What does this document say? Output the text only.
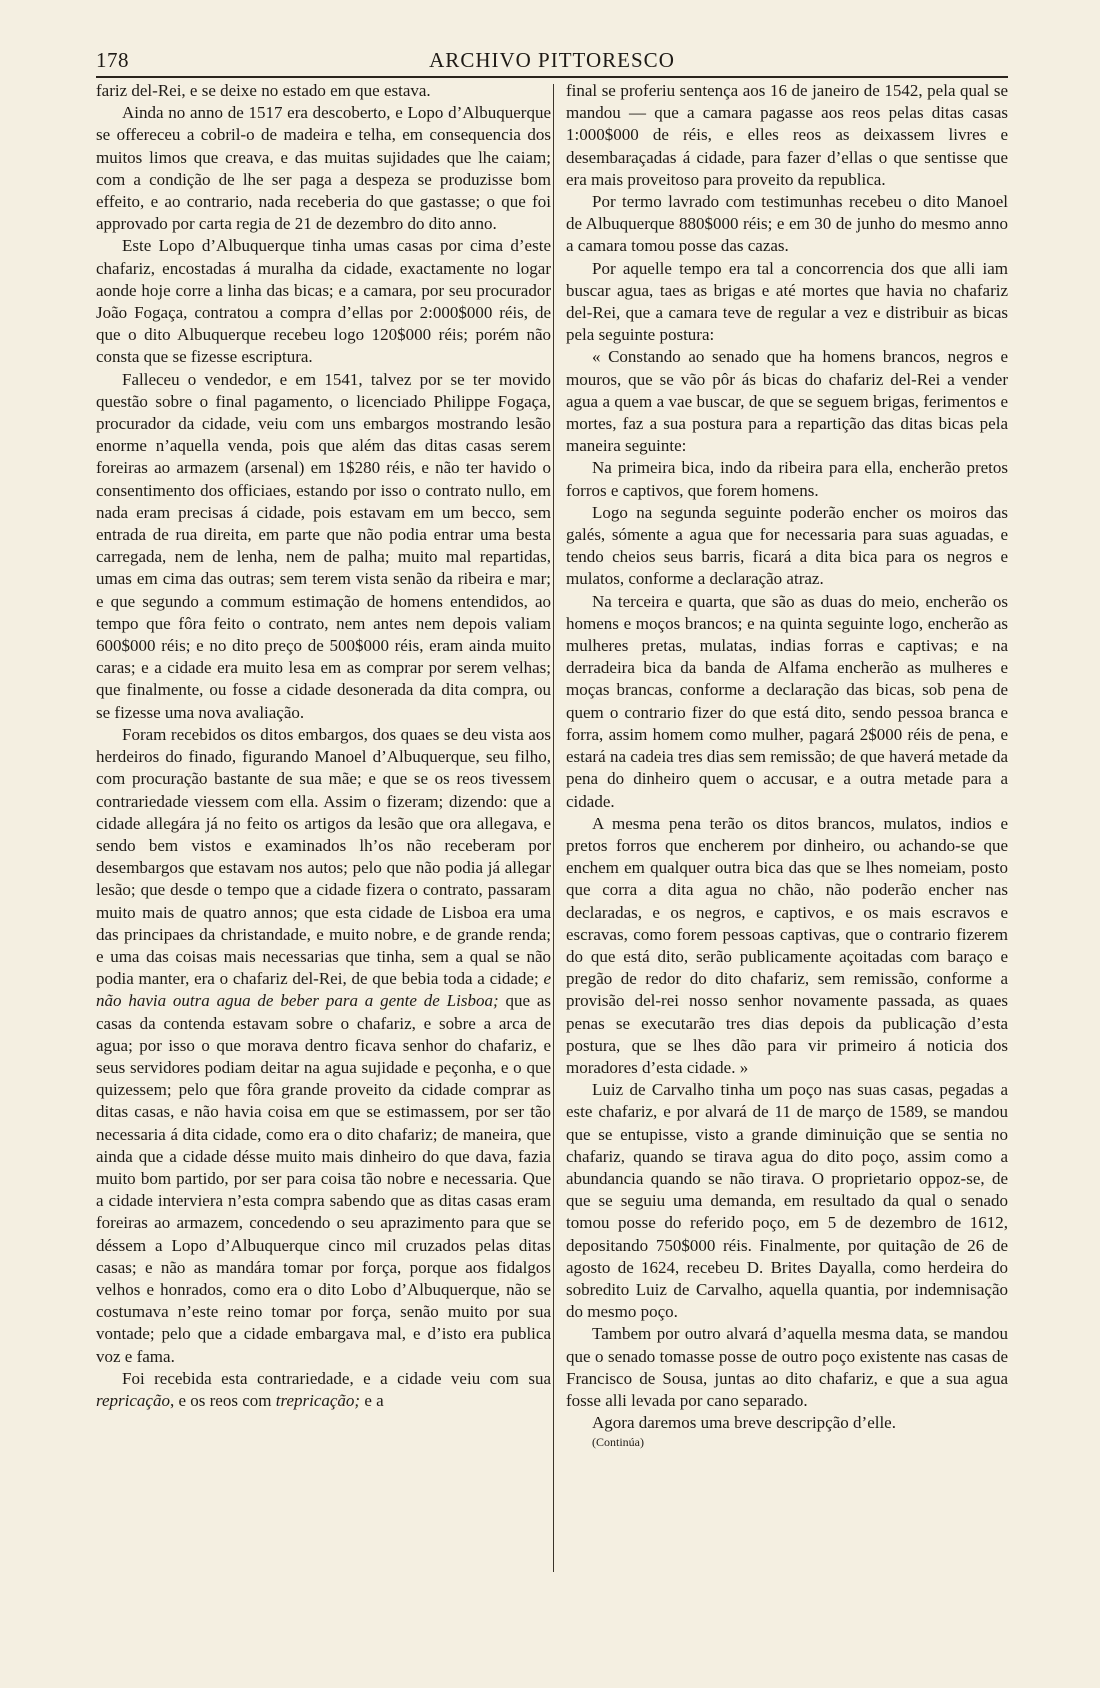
178	ARCHIVO PITTORESCO

fariz del-Rei, e se deixe no estado em que estava.

Ainda no anno de 1517 era descoberto, e Lopo d’Albuquerque se offereceu a cobril-o de madeira e telha, em consequencia dos muitos limos que creava, e das muitas sujidades que lhe caiam; com a condição de lhe ser paga a despeza se produzisse bom effeito, e ao contrario, nada receberia do que gastasse; o que foi approvado por carta regia de 21 de dezembro do dito anno.

Este Lopo d’Albuquerque tinha umas casas por cima d’este chafariz, encostadas á muralha da cidade, exactamente no logar aonde hoje corre a linha das bicas; e a camara, por seu procurador João Fogaça, contratou a compra d’ellas por 2:000$000 réis, de que o dito Albuquerque recebeu logo 120$000 réis; porém não consta que se fizesse escriptura.

Falleceu o vendedor, e em 1541, talvez por se ter movido questão sobre o final pagamento, o licenciado Philippe Fogaça, procurador da cidade, veiu com uns embargos mostrando lesão enorme n’aquella venda, pois que além das ditas casas serem foreiras ao armazem (arsenal) em 1$280 réis, e não ter havido o consentimento dos officiaes, estando por isso o contrato nullo, em nada eram precisas á cidade, pois estavam em um becco, sem entrada de rua direita, em parte que não podia entrar uma besta carregada, nem de lenha, nem de palha; muito mal repartidas, umas em cima das outras; sem terem vista senão da ribeira e mar; e que segundo a commum estimação de homens entendidos, ao tempo que fôra feito o contrato, nem antes nem depois valiam 600$000 réis; e no dito preço de 500$000 réis, eram ainda muito caras; e a cidade era muito lesa em as comprar por serem velhas; que finalmente, ou fosse a cidade desonerada da dita compra, ou se fizesse uma nova avaliação.

Foram recebidos os ditos embargos, dos quaes se deu vista aos herdeiros do finado, figurando Manoel d’Albuquerque, seu filho, com procuração bastante de sua mãe; e que se os reos tivessem contrariedade viessem com ella. Assim o fizeram; dizendo: que a cidade allegára já no feito os artigos da lesão que ora allegava, e sendo bem vistos e examinados lh’os não receberam por desembargos que estavam nos autos; pelo que não podia já allegar lesão; que desde o tempo que a cidade fizera o contrato, passaram muito mais de quatro annos; que esta cidade de Lisboa era uma das principaes da christandade, e muito nobre, e de grande renda; e uma das coisas mais necessarias que tinha, sem a qual se não podia manter, era o chafariz del-Rei, de que bebia toda a cidade; e não havia outra agua de beber para a gente de Lisboa; que as casas da contenda estavam sobre o chafariz, e sobre a arca de agua; por isso o que morava dentro ficava senhor do chafariz, e seus servidores podiam deitar na agua sujidade e peçonha, e o que quizessem; pelo que fôra grande proveito da cidade comprar as ditas casas, e não havia coisa em que se estimassem, por ser tão necessaria á dita cidade, como era o dito chafariz; de maneira, que ainda que a cidade désse muito mais dinheiro do que dava, fazia muito bom partido, por ser para coisa tão nobre e necessaria. Que a cidade interviera n’esta compra sabendo que as ditas casas eram foreiras ao armazem, concedendo o seu aprazimento para que se déssem a Lopo d’Albuquerque cinco mil cruzados pelas ditas casas; e não as mandára tomar por força, porque aos fidalgos velhos e honrados, como era o dito Lobo d’Albuquerque, não se costumava n’este reino tomar por força, senão muito por sua vontade; pelo que a cidade embargava mal, e d’isto era publica voz e fama.

Foi recebida esta contrariedade, e a cidade veiu com sua repricação, e os reos com trepricação; e a

final se proferiu sentença aos 16 de janeiro de 1542, pela qual se mandou — que a camara pagasse aos reos pelas ditas casas 1:000$000 de réis, e elles reos as deixassem livres e desembaraçadas á cidade, para fazer d’ellas o que sentisse que era mais proveitoso para proveito da republica.

Por termo lavrado com testimunhas recebeu o dito Manoel de Albuquerque 880$000 réis; e em 30 de junho do mesmo anno a camara tomou posse das cazas.

Por aquelle tempo era tal a concorrencia dos que alli iam buscar agua, taes as brigas e até mortes que havia no chafariz del-Rei, que a camara teve de regular a vez e distribuir as bicas pela seguinte postura:

« Constando ao senado que ha homens brancos, negros e mouros, que se vão pôr ás bicas do chafariz del-Rei a vender agua a quem a vae buscar, de que se seguem brigas, ferimentos e mortes, faz a sua postura para a repartição das ditas bicas pela maneira seguinte:

Na primeira bica, indo da ribeira para ella, encherão pretos forros e captivos, que forem homens.

Logo na segunda seguinte poderão encher os moiros das galés, sómente a agua que for necessaria para suas aguadas, e tendo cheios seus barris, ficará a dita bica para os negros e mulatos, conforme a declaração atraz.

Na terceira e quarta, que são as duas do meio, encherão os homens e moços brancos; e na quinta seguinte logo, encherão as mulheres pretas, mulatas, indias forras e captivas; e na derradeira bica da banda de Alfama encherão as mulheres e moças brancas, conforme a declaração das bicas, sob pena de quem o contrario fizer do que está dito, sendo pessoa branca e forra, assim homem como mulher, pagará 2$000 réis de pena, e estará na cadeia tres dias sem remissão; de que haverá metade da pena do dinheiro quem o accusar, e a outra metade para a cidade.

A mesma pena terão os ditos brancos, mulatos, indios e pretos forros que encherem por dinheiro, ou achando-se que enchem em qualquer outra bica das que se lhes nomeiam, posto que corra a dita agua no chão, não poderão encher nas declaradas, e os negros, e captivos, e os mais escravos e escravas, como forem pessoas captivas, que o contrario fizerem do que está dito, serão publicamente açoitadas com baraço e pregão de redor do dito chafariz, sem remissão, conforme a provisão del-rei nosso senhor novamente passada, as quaes penas se executarão tres dias depois da publicação d’esta postura, que se lhes dão para vir primeiro á noticia dos moradores d’esta cidade. »

Luiz de Carvalho tinha um poço nas suas casas, pegadas a este chafariz, e por alvará de 11 de março de 1589, se mandou que se entupisse, visto a grande diminuição que se sentia no chafariz, quando se tirava agua do dito poço, assim como a abundancia quando se não tirava. O proprietario oppoz-se, de que se seguiu uma demanda, em resultado da qual o senado tomou posse do referido poço, em 5 de dezembro de 1612, depositando 750$000 réis. Finalmente, por quitação de 26 de agosto de 1624, recebeu D. Brites Dayalla, como herdeira do sobredito Luiz de Carvalho, aquella quantia, por indemnisação do mesmo poço.

Tambem por outro alvará d’aquella mesma data, se mandou que o senado tomasse posse de outro poço existente nas casas de Francisco de Sousa, juntas ao dito chafariz, e que a sua agua fosse alli levada por cano separado.

Agora daremos uma breve descripção d’elle.

(Continúa)
